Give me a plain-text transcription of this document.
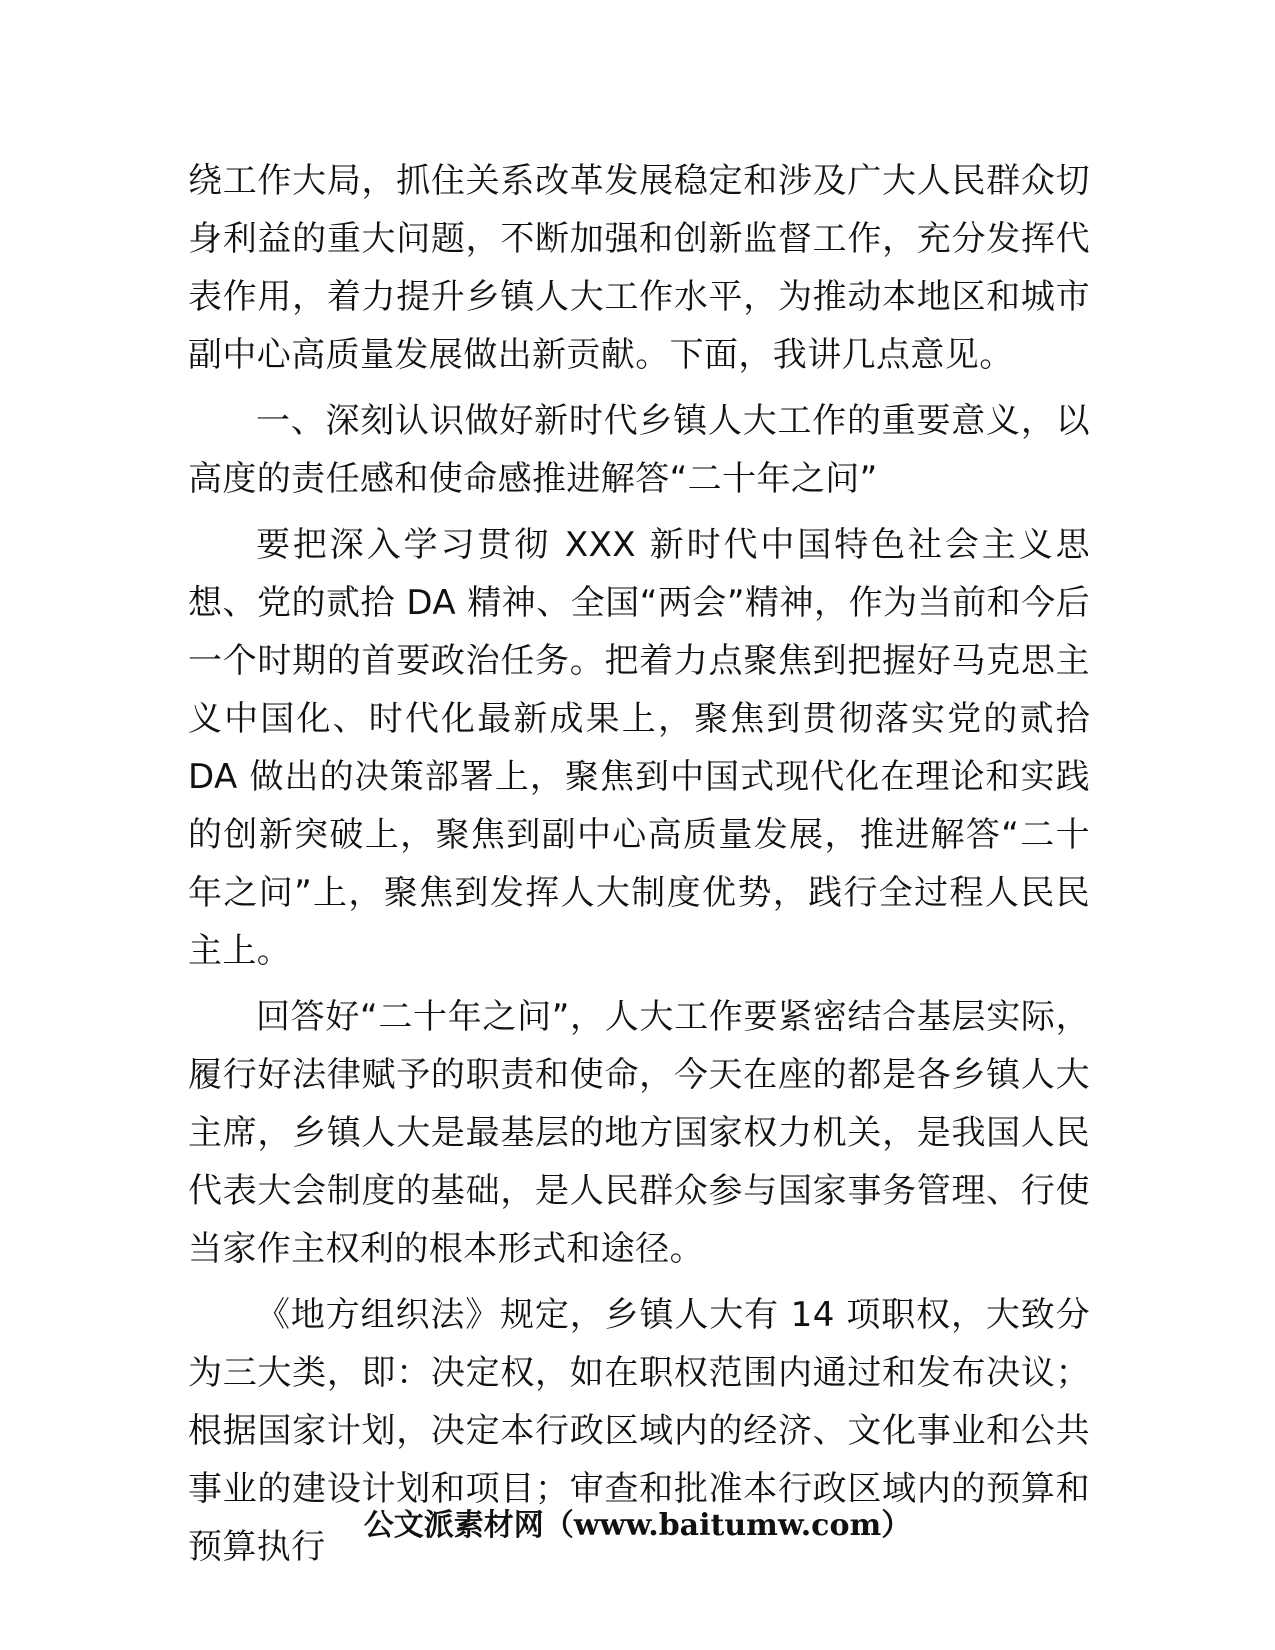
绕工作大局，抓住关系改革发展稳定和涉及广大人民群众切身利益的重大问题，不断加强和创新监督工作，充分发挥代表作用，着力提升乡镇人大工作水平，为推动本地区和城市副中心高质量发展做出新贡献。下面，我讲几点意见。

一、深刻认识做好新时代乡镇人大工作的重要意义，以高度的责任感和使命感推进解答“二十年之问”

要把深入学习贯彻 XXX 新时代中国特色社会主义思想、党的贰拾 DA 精神、全国“两会”精神，作为当前和今后一个时期的首要政治任务。把着力点聚焦到把握好马克思主义中国化、时代化最新成果上，聚焦到贯彻落实党的贰拾 DA 做出的决策部署上，聚焦到中国式现代化在理论和实践的创新突破上，聚焦到副中心高质量发展，推进解答“二十年之问”上，聚焦到发挥人大制度优势，践行全过程人民民主上。

回答好“二十年之问”，人大工作要紧密结合基层实际，履行好法律赋予的职责和使命，今天在座的都是各乡镇人大主席，乡镇人大是最基层的地方国家权力机关，是我国人民代表大会制度的基础，是人民群众参与国家事务管理、行使当家作主权利的根本形式和途径。

《地方组织法》规定，乡镇人大有 14 项职权，大致分为三大类，即：决定权，如在职权范围内通过和发布决议；根据国家计划，决定本行政区域内的经济、文化事业和公共事业的建设计划和项目；审查和批准本行政区域内的预算和预算执行

公文派素材网（www.baitumw.com）
